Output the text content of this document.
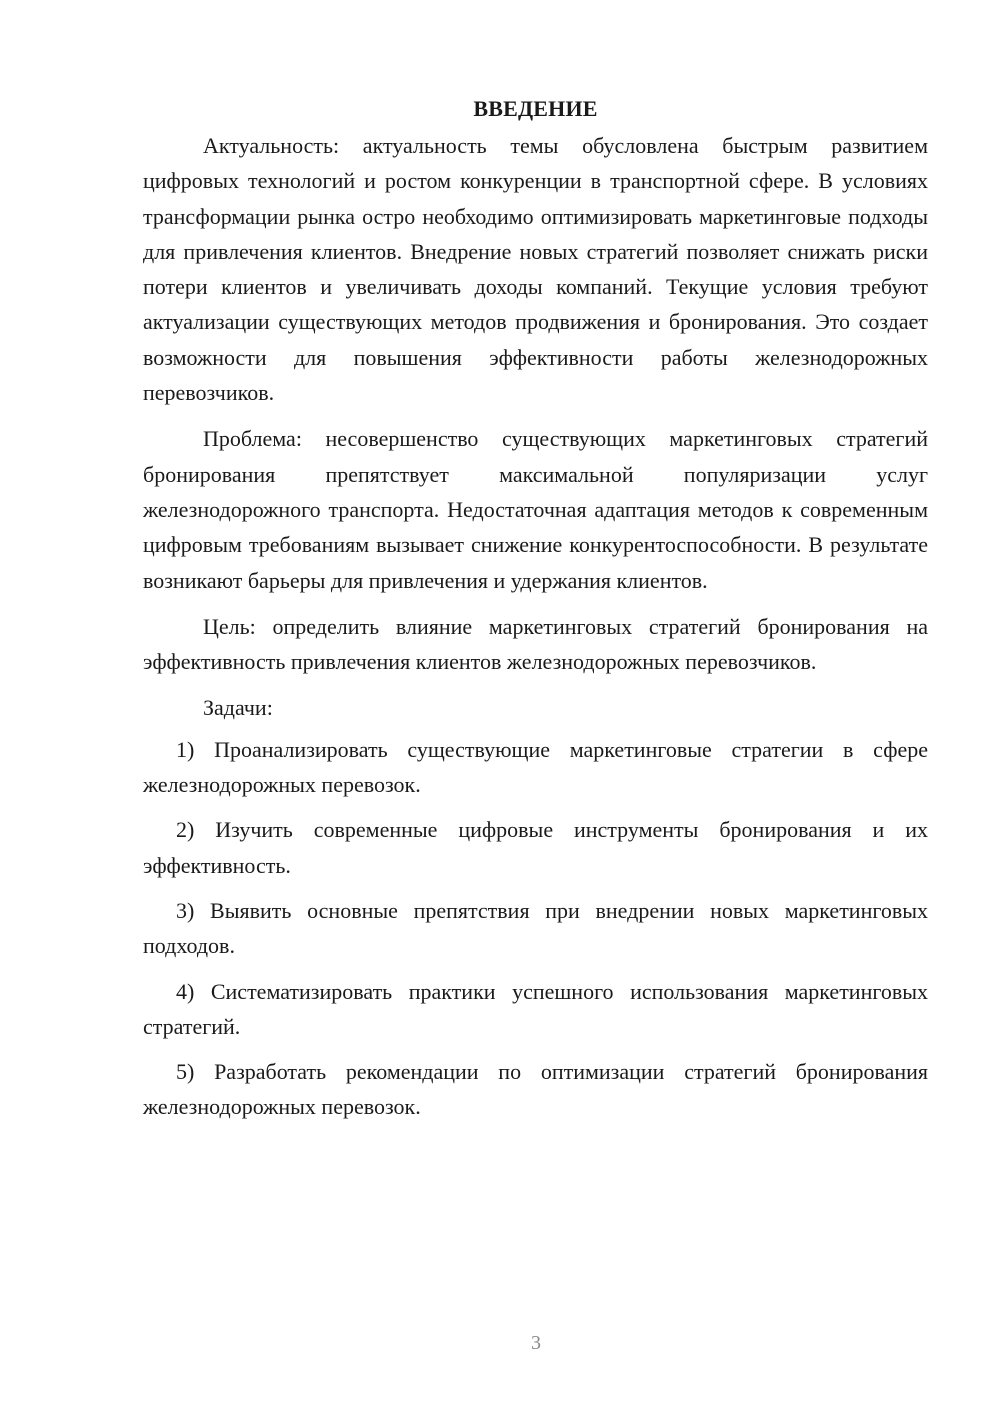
ВВЕДЕНИЕ

Актуальность: актуальность темы обусловлена быстрым развитием цифровых технологий и ростом конкуренции в транспортной сфере. В условиях трансформации рынка остро необходимо оптимизировать маркетинговые подходы для привлечения клиентов. Внедрение новых стратегий позволяет снижать риски потери клиентов и увеличивать доходы компаний. Текущие условия требуют актуализации существующих методов продвижения и бронирования. Это создает возможности для повышения эффективности работы железнодорожных перевозчиков.

Проблема: несовершенство существующих маркетинговых стратегий бронирования препятствует максимальной популяризации услуг железнодорожного транспорта. Недостаточная адаптация методов к современным цифровым требованиям вызывает снижение конкурентоспособности. В результате возникают барьеры для привлечения и удержания клиентов.

Цель: определить влияние маркетинговых стратегий бронирования на эффективность привлечения клиентов железнодорожных перевозчиков.

Задачи:

1) Проанализировать существующие маркетинговые стратегии в сфере железнодорожных перевозок.

2) Изучить современные цифровые инструменты бронирования и их эффективность.

3) Выявить основные препятствия при внедрении новых маркетинговых подходов.

4) Систематизировать практики успешного использования маркетинговых стратегий.

5) Разработать рекомендации по оптимизации стратегий бронирования железнодорожных перевозок.

3
